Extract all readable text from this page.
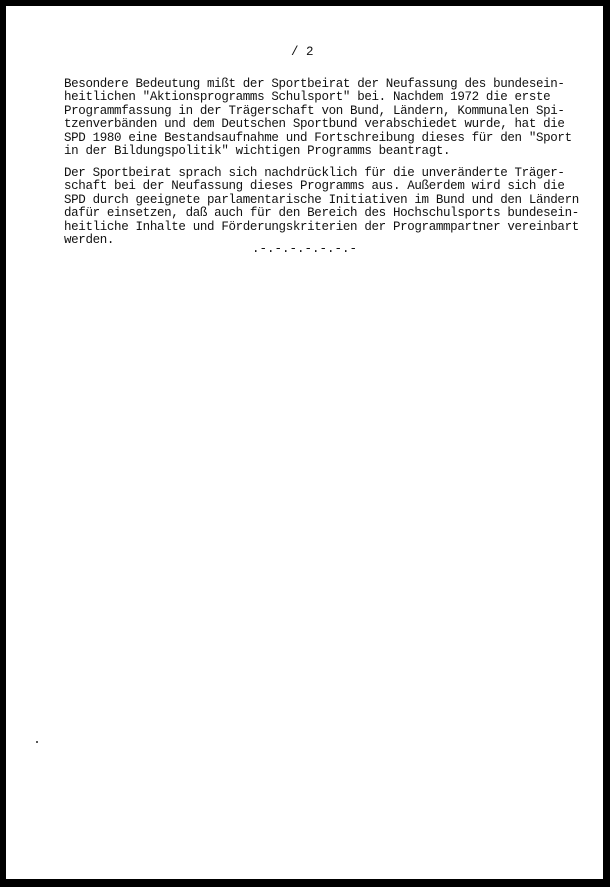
/ 2
Besondere Bedeutung mißt der Sportbeirat der Neufassung des bundesein-
heitlichen "Aktionsprogramms Schulsport" bei. Nachdem 1972 die erste
Programmfassung in der Trägerschaft von Bund, Ländern, Kommunalen Spi-
tzenverbänden und dem Deutschen Sportbund verabschiedet wurde, hat die
SPD 1980 eine Bestandsaufnahme und Fortschreibung dieses für den "Sport
in der Bildungspolitik" wichtigen Programms beantragt.
Der Sportbeirat sprach sich nachdrücklich für die unveränderte Träger-
schaft bei der Neufassung dieses Programms aus. Außerdem wird sich die
SPD durch geeignete parlamentarische Initiativen im Bund und den Ländern
dafür einsetzen, daß auch für den Bereich des Hochschulsports bundesein-
heitliche Inhalte und Förderungskriterien der Programmpartner vereinbart
werden.
.-.-.-.-.-.-.-
